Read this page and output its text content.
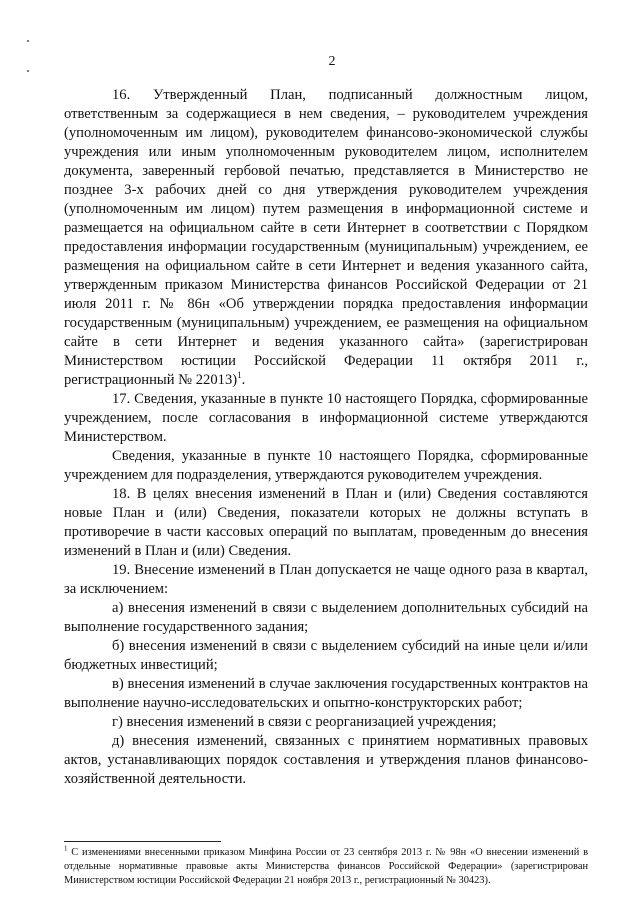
2

16. Утвержденный План, подписанный должностным лицом, ответственным за содержащиеся в нем сведения, – руководителем учреждения (уполномоченным им лицом), руководителем финансово-экономической службы учреждения или иным уполномоченным руководителем лицом, исполнителем документа, заверенный гербовой печатью, представляется в Министерство не позднее 3-х рабочих дней со дня утверждения руководителем учреждения (уполномоченным им лицом) путем размещения в информационной системе и размещается на официальном сайте в сети Интернет в соответствии с Порядком предоставления информации государственным (муниципальным) учреждением, ее размещения на официальном сайте в сети Интернет и ведения указанного сайта, утвержденным приказом Министерства финансов Российской Федерации от 21 июля 2011 г. № 86н «Об утверждении порядка предоставления информации государственным (муниципальным) учреждением, ее размещения на официальном сайте в сети Интернет и ведения указанного сайта» (зарегистрирован Министерством юстиции Российской Федерации 11 октября 2011 г., регистрационный № 22013)$^1$.

17. Сведения, указанные в пункте 10 настоящего Порядка, сформированные учреждением, после согласования в информационной системе утверждаются Министерством.

Сведения, указанные в пункте 10 настоящего Порядка, сформированные учреждением для подразделения, утверждаются руководителем учреждения.

18. В целях внесения изменений в План и (или) Сведения составляются новые План и (или) Сведения, показатели которых не должны вступать в противоречие в части кассовых операций по выплатам, проведенным до внесения изменений в План и (или) Сведения.

19. Внесение изменений в План допускается не чаще одного раза в квартал, за исключением:

а) внесения изменений в связи с выделением дополнительных субсидий на выполнение государственного задания;

б) внесения изменений в связи с выделением субсидий на иные цели и/или бюджетных инвестиций;

в) внесения изменений в случае заключения государственных контрактов на выполнение научно-исследовательских и опытно-конструкторских работ;

г) внесения изменений в связи с реорганизацией учреждения;

д) внесения изменений, связанных с принятием нормативных правовых актов, устанавливающих порядок составления и утверждения планов финансово-хозяйственной деятельности.

$^1$ С изменениями внесенными приказом Минфина России от 23 сентября 2013 г. № 98н «О внесении изменений в отдельные нормативные правовые акты Министерства финансов Российской Федерации» (зарегистрирован Министерством юстиции Российской Федерации 21 ноября 2013 г., регистрационный № 30423).
